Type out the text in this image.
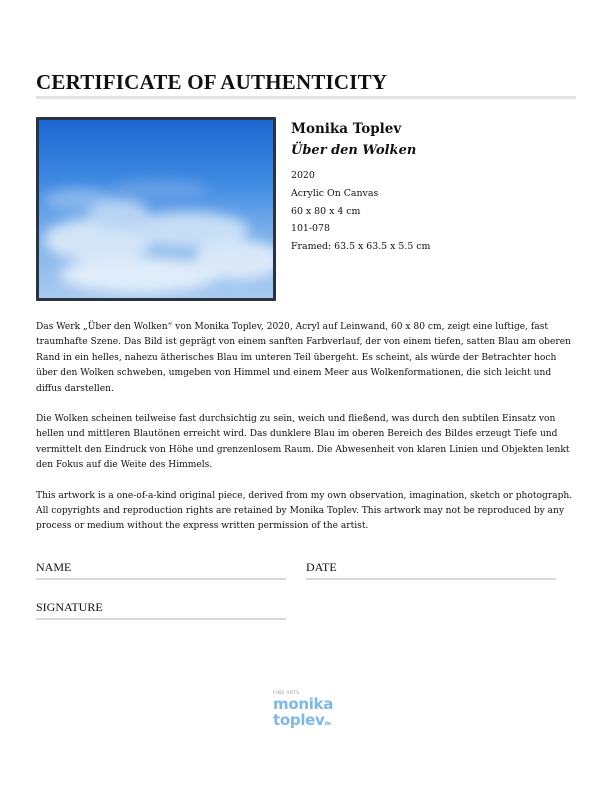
CERTIFICATE OF AUTHENTICITY

Monika Toplev

Über den Wolken

2020

Acrylic On Canvas

60 x 80 x 4 cm

101-078

Framed: 63.5 x 63.5 x 5.5 cm

Das Werk „Über den Wolken“ von Monika Toplev, 2020, Acryl auf Leinwand, 60 x 80 cm, zeigt eine luftige, fast traumhafte Szene. Das Bild ist geprägt von einem sanften Farbverlauf, der von einem tiefen, satten Blau am oberen Rand in ein helles, nahezu ätherisches Blau im unteren Teil übergeht. Es scheint, als würde der Betrachter hoch über den Wolken schweben, umgeben von Himmel und einem Meer aus Wolkenformationen, die sich leicht und diffus darstellen.

Die Wolken scheinen teilweise fast durchsichtig zu sein, weich und fließend, was durch den subtilen Einsatz von hellen und mittleren Blautönen erreicht wird. Das dunklere Blau im oberen Bereich des Bildes erzeugt Tiefe und vermittelt den Eindruck von Höhe und grenzenlosem Raum. Die Abwesenheit von klaren Linien und Objekten lenkt den Fokus auf die Weite des Himmels.

This artwork is a one-of-a-kind original piece, derived from my own observation, imagination, sketch or photograph. All copyrights and reproduction rights are retained by Monika Toplev. This artwork may not be reproduced by any process or medium without the express written permission of the artist.

NAME	DATE
SIGNATURE
FINE ARTS
monika
toplevde
